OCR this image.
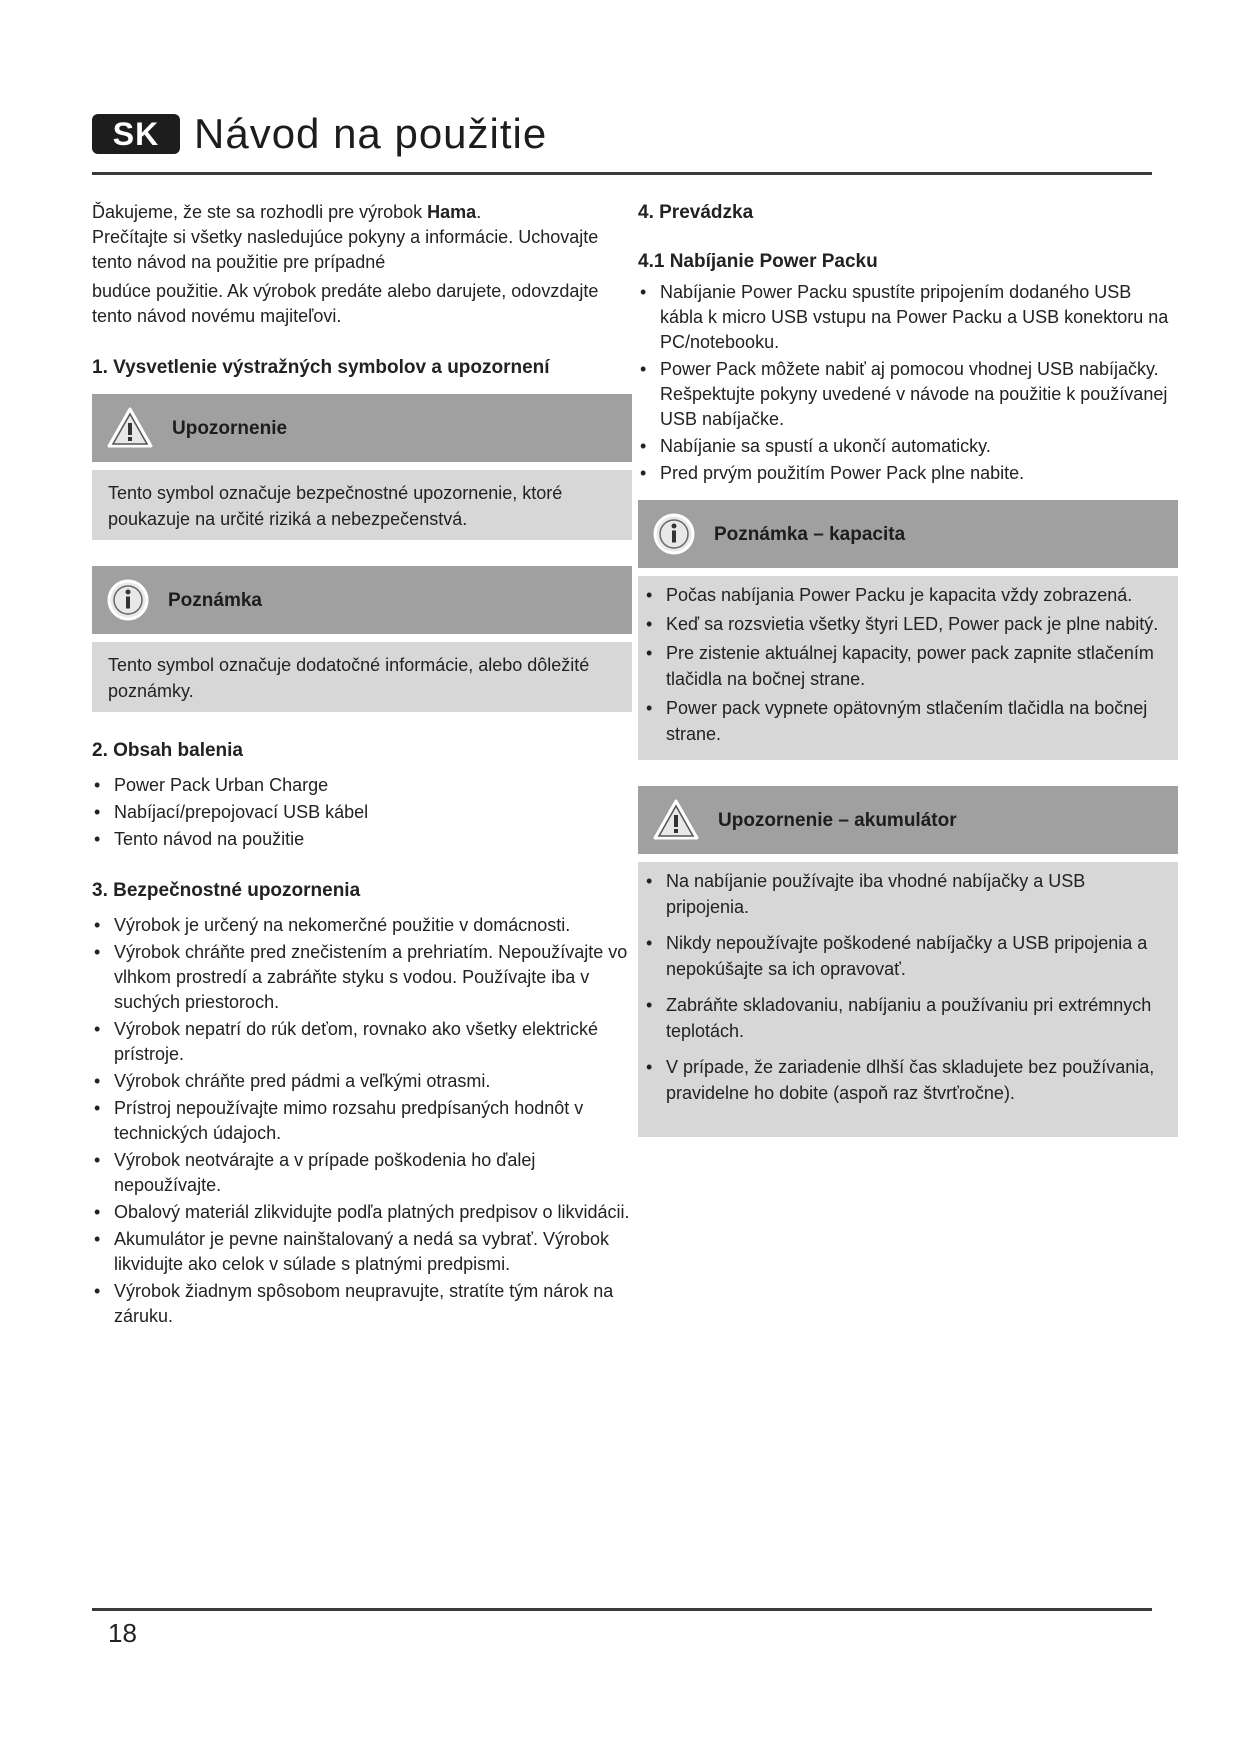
SK Návod na použitie

Ďakujeme, že ste sa rozhodli pre výrobok Hama.

Prečítajte si všetky nasledujúce pokyny a informácie. Uchovajte tento návod na použitie pre prípadné

budúce použitie. Ak výrobok predáte alebo darujete, odovzdajte tento návod novému majiteľovi.

1. Vysvetlenie výstražných symbolov a upozornení
Upozornenie
Tento symbol označuje bezpečnostné upozornenie, ktoré poukazuje na určité riziká a nebezpečenstvá.
Poznámka
Tento symbol označuje dodatočné informácie, alebo dôležité poznámky.
2. Obsah balenia
• Power Pack Urban Charge
• Nabíjací/prepojovací USB kábel
• Tento návod na použitie
3. Bezpečnostné upozornenia
• Výrobok je určený na nekomerčné použitie v domácnosti.
• Výrobok chráňte pred znečistením a prehriatím. Nepoužívajte vo vlhkom prostredí a zabráňte styku s vodou. Používajte iba v suchých priestoroch.
• Výrobok nepatrí do rúk deťom, rovnako ako všetky elektrické prístroje.
• Výrobok chráňte pred pádmi a veľkými otrasmi.
• Prístroj nepoužívajte mimo rozsahu predpísaných hodnôt v technických údajoch.
• Výrobok neotvárajte a v prípade poškodenia ho ďalej nepoužívajte.
• Obalový materiál zlikvidujte podľa platných predpisov o likvidácii.
• Akumulátor je pevne nainštalovaný a nedá sa vybrať. Výrobok likvidujte ako celok v súlade s platnými predpismi.
• Výrobok žiadnym spôsobom neupravujte, stratíte tým nárok na záruku.
4. Prevádzka
4.1 Nabíjanie Power Packu
• Nabíjanie Power Packu spustíte pripojením dodaného USB kábla k micro USB vstupu na Power Packu a USB konektoru na PC/notebooku.
• Power Pack môžete nabiť aj pomocou vhodnej USB nabíjačky. Rešpektujte pokyny uvedené v návode na použitie k používanej USB nabíjačke.
• Nabíjanie sa spustí a ukončí automaticky.
• Pred prvým použitím Power Pack plne nabite.
Poznámka – kapacita
• Počas nabíjania Power Packu je kapacita vždy zobrazená.
• Keď sa rozsvietia všetky štyri LED, Power pack je plne nabitý.
• Pre zistenie aktuálnej kapacity, power pack zapnite stlačením tlačidla na bočnej strane.
• Power pack vypnete opätovným stlačením tlačidla na bočnej strane.
Upozornenie – akumulátor
• Na nabíjanie používajte iba vhodné nabíjačky a USB pripojenia.
• Nikdy nepoužívajte poškodené nabíjačky a USB pripojenia a nepokúšajte sa ich opravovať.
• Zabráňte skladovaniu, nabíjaniu a používaniu pri extrémnych teplotách.
• V prípade, že zariadenie dlhší čas skladujete bez používania, pravidelne ho dobite (aspoň raz štvrťročne).
18
